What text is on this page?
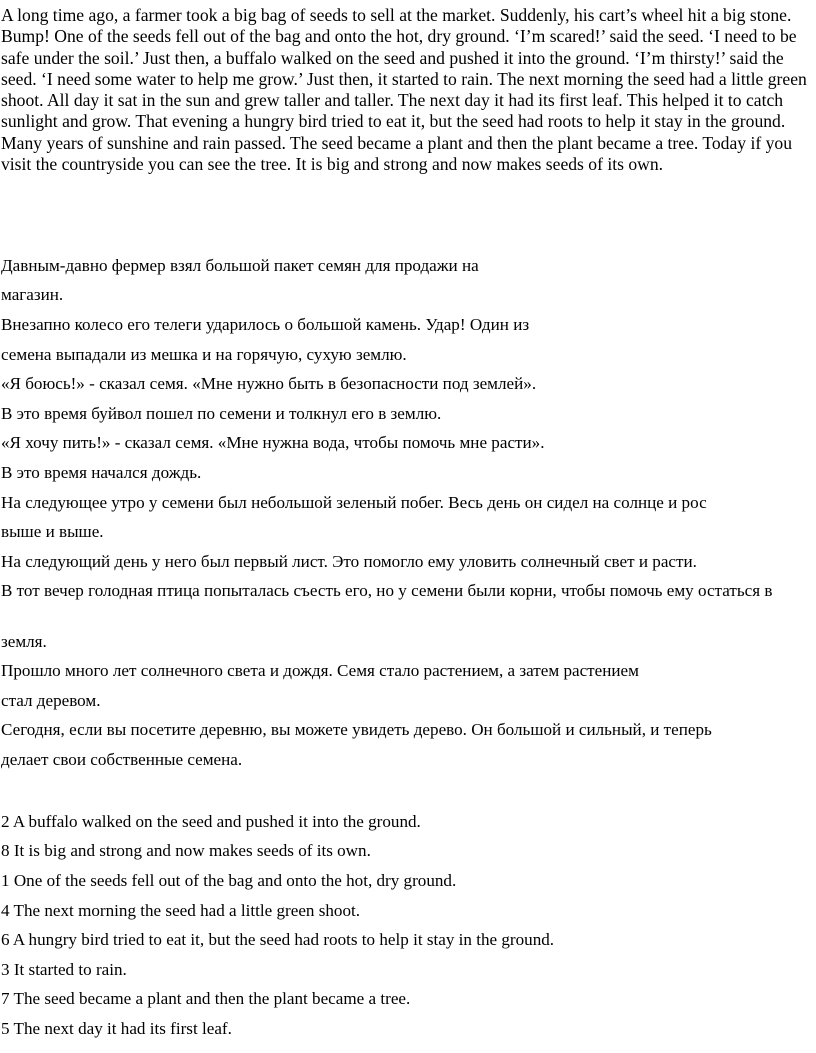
A long time ago, a farmer took a big bag of seeds to sell at the market. Suddenly, his cart’s wheel hit a big stone. Bump! One of the seeds fell out of the bag and onto the hot, dry ground. ‘I’m scared!’ said the seed. ‘I need to be safe under the soil.’ Just then, a buffalo walked on the seed and pushed it into the ground. ‘I’m thirsty!’ said the seed. ‘I need some water to help me grow.’ Just then, it started to rain. The next morning the seed had a little green shoot. All day it sat in the sun and grew taller and taller. The next day it had its first leaf. This helped it to catch sunlight and grow. That evening a hungry bird tried to eat it, but the seed had roots to help it stay in the ground. Many years of sunshine and rain passed. The seed became a plant and then the plant became a tree. Today if you visit the countryside you can see the tree. It is big and strong and now makes seeds of its own.

Давным-давно фермер взял большой пакет семян для продажи на
магазин.
Внезапно колесо его телеги ударилось о большой камень. Удар! Один из
семена выпадали из мешка и на горячую, сухую землю.
«Я боюсь!» - сказал семя. «Мне нужно быть в безопасности под землей».
В это время буйвол пошел по семени и толкнул его в землю.
«Я хочу пить!» - сказал семя. «Мне нужна вода, чтобы помочь мне расти».
В это время начался дождь.
На следующее утро у семени был небольшой зеленый побег. Весь день он сидел на солнце и рос
выше и выше.
На следующий день у него был первый лист. Это помогло ему уловить солнечный свет и расти.
В тот вечер голодная птица попыталась съесть его, но у семени были корни, чтобы помочь ему остаться в
земля.
Прошло много лет солнечного света и дождя. Семя стало растением, а затем растением
стал деревом.
Сегодня, если вы посетите деревню, вы можете увидеть дерево. Он большой и сильный, и теперь
делает свои собственные семена.
2 A buffalo walked on the seed and pushed it into the ground.
8 It is big and strong and now makes seeds of its own.
1 One of the seeds fell out of the bag and onto the hot, dry ground.
4 The next morning the seed had a little green shoot.
6 A hungry bird tried to eat it, but the seed had roots to help it stay in the ground.
3 It started to rain.
7 The seed became a plant and then the plant became a tree.
5 The next day it had its first leaf.
